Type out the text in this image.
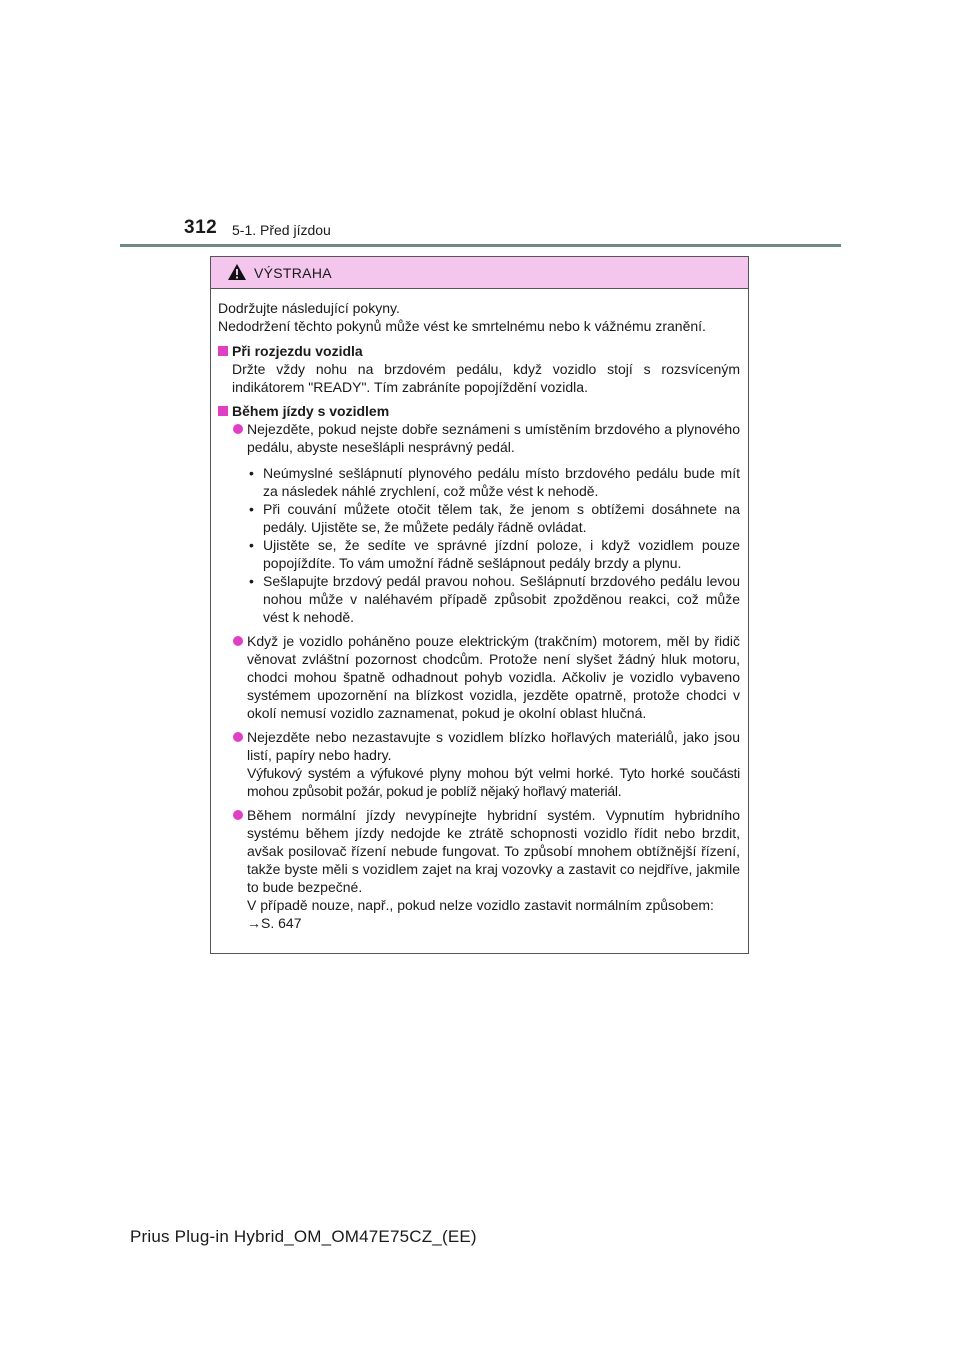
312 5-1. Před jízdou
VÝSTRAHA

Dodržujte následující pokyny.
Nedodržení těchto pokynů může vést ke smrtelnému nebo k vážnému zranění.

Při rozjezdu vozidla

Držte vždy nohu na brzdovém pedálu, když vozidlo stojí s rozsvíceným indikátorem "READY". Tím zabráníte popojíždění vozidla.

Během jízdy s vozidlem

Nejezděte, pokud nejste dobře seznámeni s umístěním brzdového a plynového pedálu, abyste nesešlápli nesprávný pedál.

• Neúmyslné sešlápnutí plynového pedálu místo brzdového pedálu bude mít za následek náhlé zrychlení, což může vést k nehodě.

• Při couvání můžete otočit tělem tak, že jenom s obtížemi dosáhnete na pedály. Ujistěte se, že můžete pedály řádně ovládat.

• Ujistěte se, že sedíte ve správné jízdní poloze, i když vozidlem pouze popojíždíte. To vám umožní řádně sešlápnout pedály brzdy a plynu.

• Sešlapujte brzdový pedál pravou nohou. Sešlápnutí brzdového pedálu levou nohou může v naléhavém případě způsobit zpožděnou reakci, což může vést k nehodě.

Když je vozidlo poháněno pouze elektrickým (trakčním) motorem, měl by řidič věnovat zvláštní pozornost chodcům. Protože není slyšet žádný hluk motoru, chodci mohou špatně odhadnout pohyb vozidla. Ačkoliv je vozidlo vybaveno systémem upozornění na blízkost vozidla, jezděte opatrně, protože chodci v okolí nemusí vozidlo zaznamenat, pokud je okolní oblast hlučná.

Nejezděte nebo nezastavujte s vozidlem blízko hořlavých materiálů, jako jsou listí, papíry nebo hadry.

Výfukový systém a výfukové plyny mohou být velmi horké. Tyto horké součásti mohou způsobit požár, pokud je poblíž nějaký hořlavý materiál.

Během normální jízdy nevypínejte hybridní systém. Vypnutím hybridního systému během jízdy nedojde ke ztrátě schopnosti vozidlo řídit nebo brzdit, avšak posilovač řízení nebude fungovat. To způsobí mnohem obtížnější řízení, takže byste měli s vozidlem zajet na kraj vozovky a zastavit co nejdříve, jakmile to bude bezpečné.

V případě nouze, např., pokud nelze vozidlo zastavit normálním způsobem:

→S. 647

Prius Plug-in Hybrid_OM_OM47E75CZ_(EE)
